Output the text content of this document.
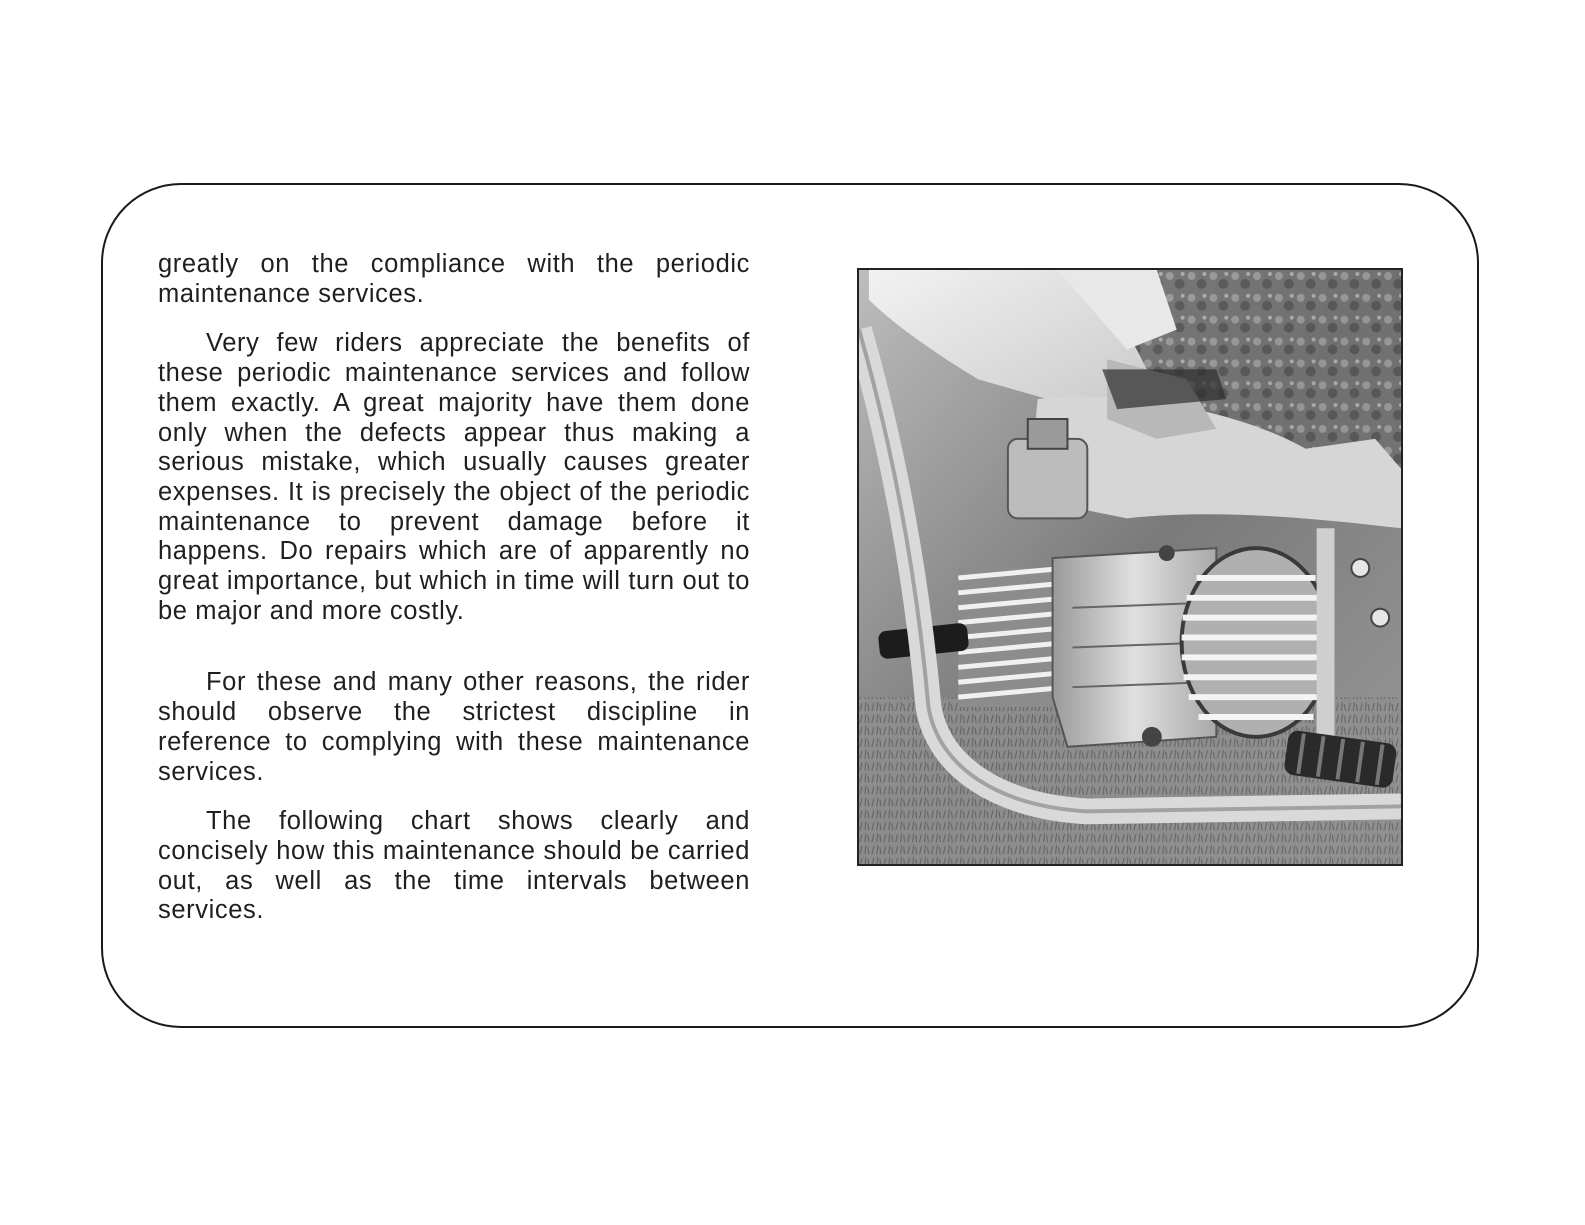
greatly on the compliance with the periodic maintenance services.

Very few riders appreciate the benefits of these periodic maintenance services and follow them exactly. A great majority have them done only when the defects appear thus making a serious mistake, which usually causes greater expenses. It is precisely the object of the periodic maintenance to prevent damage before it happens. Do repairs which are of apparently no great importance, but which in time will turn out to be major and more costly.

For these and many other reasons, the rider should observe the strictest discipline in reference to complying with these maintenance services.

The following chart shows clearly and concisely how this maintenance should be carried out, as well as the time intervals between services.
